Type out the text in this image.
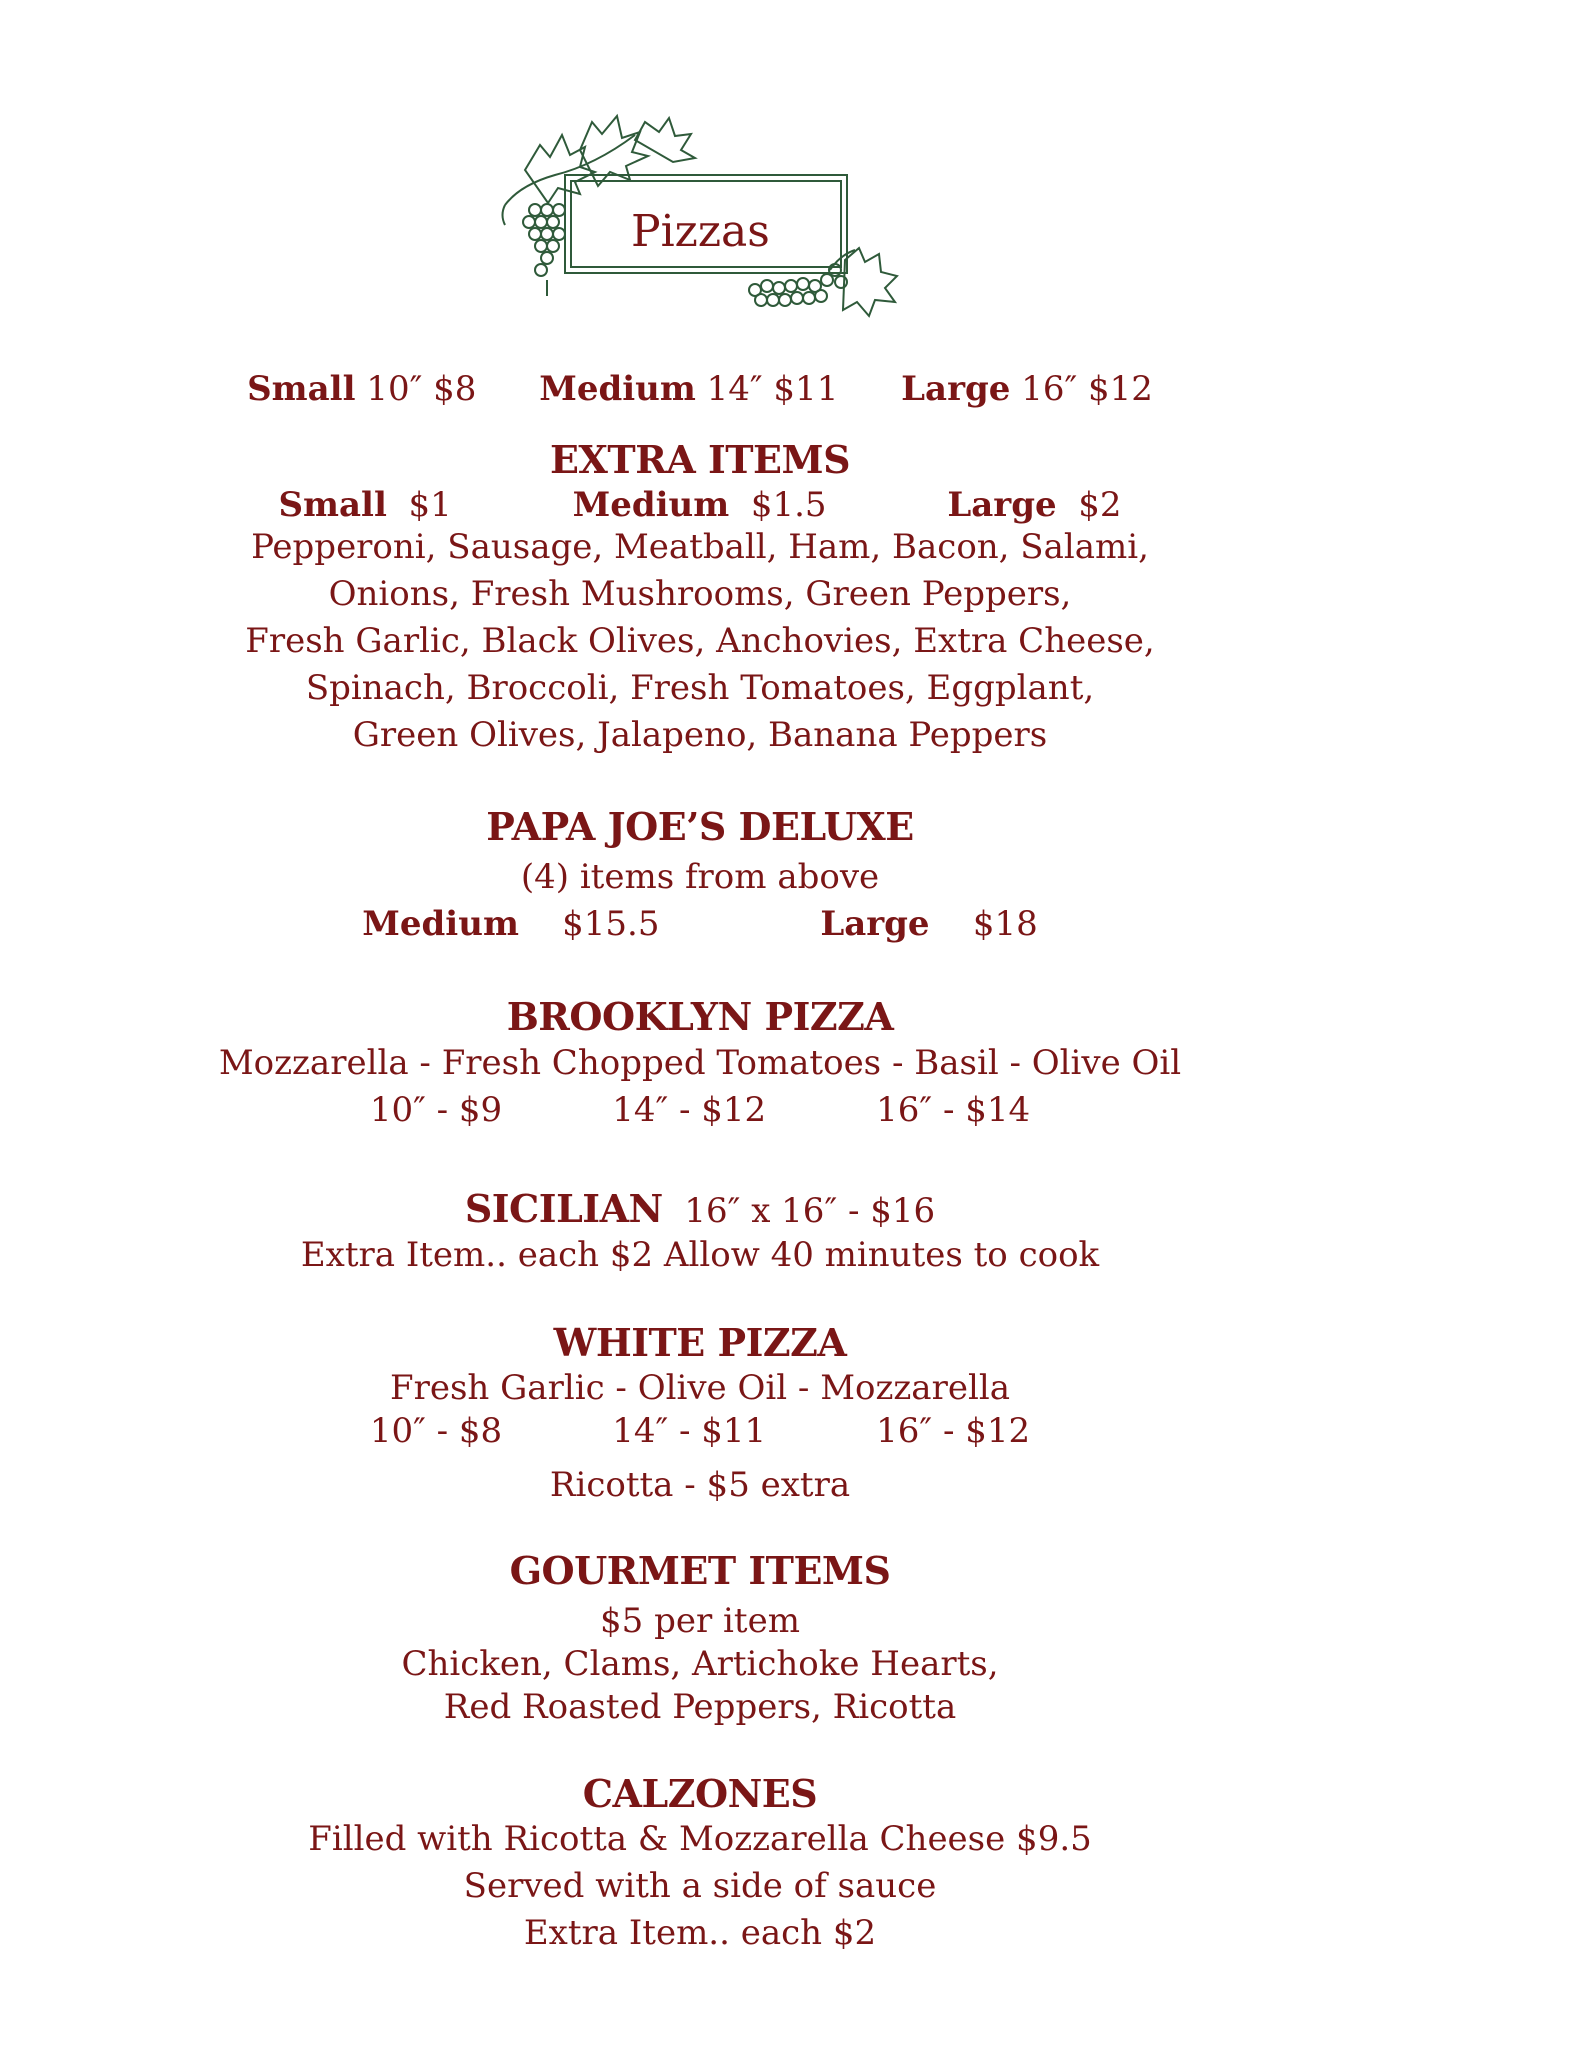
Pizzas
Small 10″ $8 Medium 14″ $11 Large 16″ $12
EXTRA ITEMS
Small $1	Medium $1.5	Large $2
Pepperoni, Sausage, Meatball, Ham, Bacon, Salami,
Onions, Fresh Mushrooms, Green Peppers,
Fresh Garlic, Black Olives, Anchovies, Extra Cheese,
Spinach, Broccoli, Fresh Tomatoes, Eggplant,
Green Olives, Jalapeno, Banana Peppers
PAPA JOE’S DELUXE
(4) items from above
Medium $15.5	Large $18
BROOKLYN PIZZA
Mozzarella - Fresh Chopped Tomatoes - Basil - Olive Oil
10″ - $9	14″ - $12	16″ - $14
SICILIAN 16″ x 16″ - $16
Extra Item.. each $2 Allow 40 minutes to cook
WHITE PIZZA
Fresh Garlic - Olive Oil - Mozzarella
10″ - $8	14″ - $11	16″ - $12
Ricotta - $5 extra
GOURMET ITEMS
$5 per item
Chicken, Clams, Artichoke Hearts,
Red Roasted Peppers, Ricotta
CALZONES
Filled with Ricotta & Mozzarella Cheese $9.5
Served with a side of sauce
Extra Item.. each $2
